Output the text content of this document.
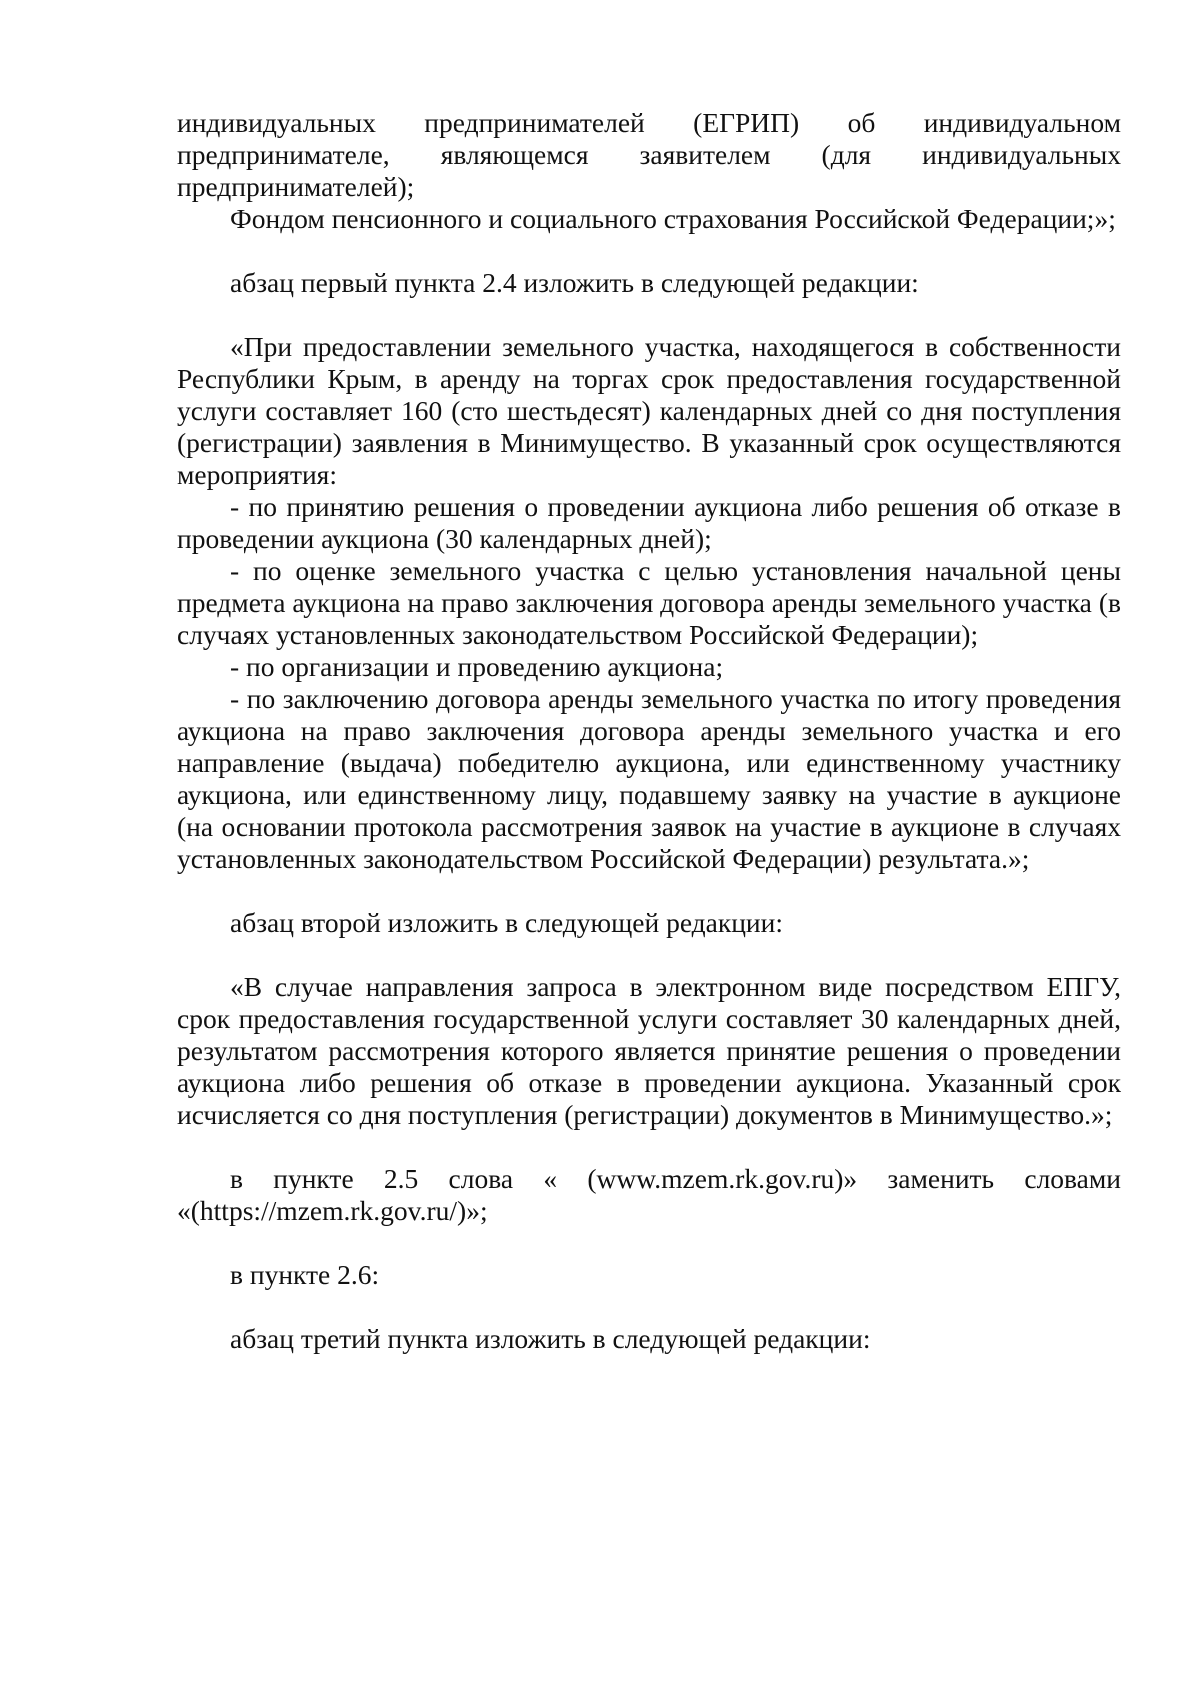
индивидуальных предпринимателей (ЕГРИП) об индивидуальном предпринимателе, являющемся заявителем (для индивидуальных предпринимателей);

Фондом пенсионного и социального страхования Российской Федерации;»;

абзац первый пункта 2.4 изложить в следующей редакции:

«При предоставлении земельного участка, находящегося в собственности Республики Крым, в аренду на торгах срок предоставления государственной услуги составляет 160 (сто шестьдесят) календарных дней со дня поступления (регистрации) заявления в Минимущество. В указанный срок осуществляются мероприятия:

- по принятию решения о проведении аукциона либо решения об отказе в проведении аукциона (30 календарных дней);

- по оценке земельного участка с целью установления начальной цены предмета аукциона на право заключения договора аренды земельного участка (в случаях установленных законодательством Российской Федерации);

- по организации и проведению аукциона;

- по заключению договора аренды земельного участка по итогу проведения аукциона на право заключения договора аренды земельного участка и его направление (выдача) победителю аукциона, или единственному участнику аукциона, или единственному лицу, подавшему заявку на участие в аукционе (на основании протокола рассмотрения заявок на участие в аукционе в случаях установленных законодательством Российской Федерации) результата.»;

абзац второй изложить в следующей редакции:

«В случае направления запроса в электронном виде посредством ЕПГУ, срок предоставления государственной услуги составляет 30 календарных дней, результатом рассмотрения которого является принятие решения о проведении аукциона либо решения об отказе в проведении аукциона. Указанный срок исчисляется со дня поступления (регистрации) документов в Минимущество.»;

в пункте 2.5 слова « (www.mzem.rk.gov.ru)» заменить словами «(https://mzem.rk.gov.ru/)»;

в пункте 2.6:

абзац третий пункта изложить в следующей редакции:
